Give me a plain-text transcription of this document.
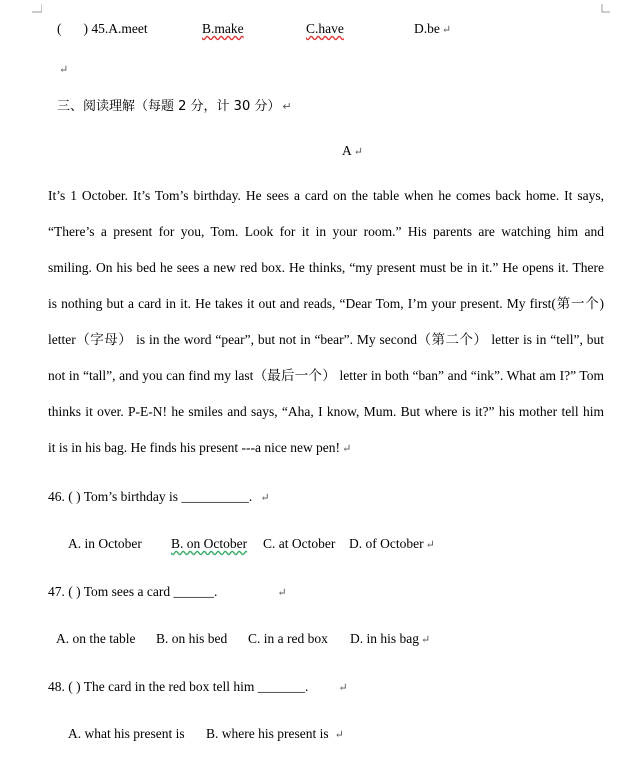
( ) 45.A.meet	B.make	C.have	D.be ↵
↵
三、阅读理解（每题 2 分，计 30 分） ↵
A ↵
It’s 1 October. It’s Tom’s birthday. He sees a card on the table when he comes back home. It says,
“There’s a present for you, Tom. Look for it in your room.” His parents are watching him and
smiling. On his bed he sees a new red box. He thinks, “my present must be in it.” He opens it. There
is nothing but a card in it. He takes it out and reads, “Dear Tom, I’m your present. My first(第一个)
letter（字母） is in the word “pear”, but not in “bear”. My second（第二个） letter is in “tell”, but
not in “tall”, and you can find my last（最后一个） letter in both “ban” and “ink”. What am I?” Tom
thinks it over. P-E-N! he smiles and says, “Aha, I know, Mum. But where is it?” his mother tell him
it is in his bag. He finds his present ---a nice new pen! ↵
46. ( ) Tom’s birthday is __________. ↵
A. in October B. on October C. at October D. of October ↵
47. ( ) Tom sees a card ______.	↵
A. on the table B. on his bed C. in a red box D. in his bag ↵
48. ( ) The card in the red box tell him _______.	↵
A. what his present is B. where his present is ↵
